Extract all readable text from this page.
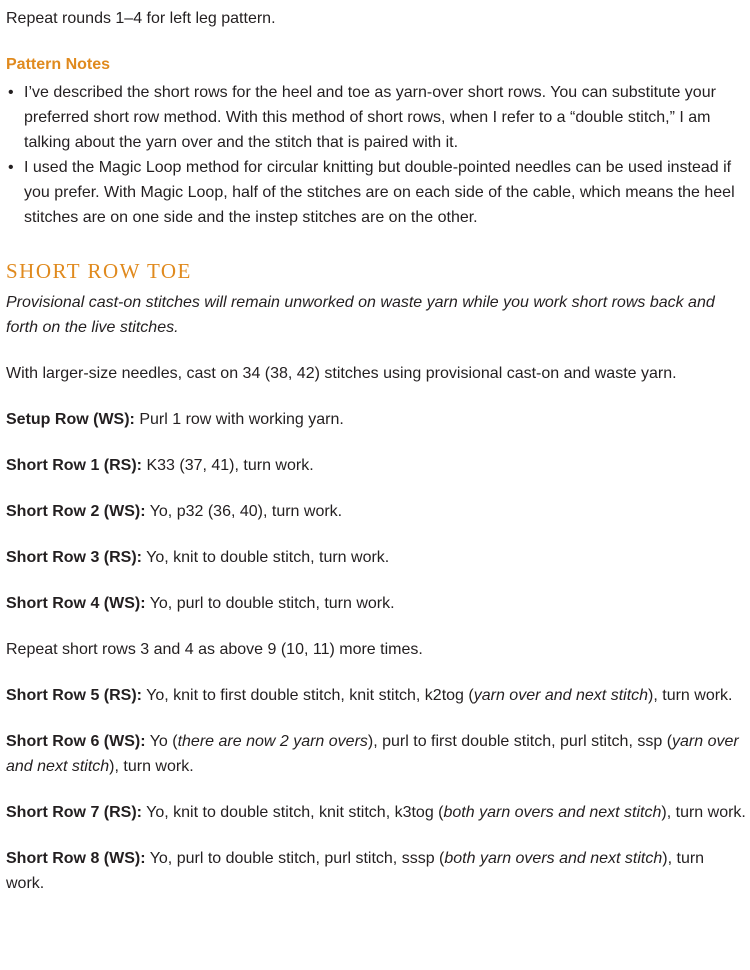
Repeat rounds 1–4 for left leg pattern.

Pattern Notes
• I’ve described the short rows for the heel and toe as yarn-over short rows. You can substitute your preferred short row method. With this method of short rows, when I refer to a “double stitch,” I am talking about the yarn over and the stitch that is paired with it.
• I used the Magic Loop method for circular knitting but double-pointed needles can be used instead if you prefer. With Magic Loop, half of the stitches are on each side of the cable, which means the heel stitches are on one side and the instep stitches are on the other.
SHORT ROW TOE

Provisional cast-on stitches will remain unworked on waste yarn while you work short rows back and forth on the live stitches.

With larger-size needles, cast on 34 (38, 42) stitches using provisional cast-on and waste yarn.

Setup Row (WS): Purl 1 row with working yarn.

Short Row 1 (RS): K33 (37, 41), turn work.

Short Row 2 (WS): Yo, p32 (36, 40), turn work.

Short Row 3 (RS): Yo, knit to double stitch, turn work.

Short Row 4 (WS): Yo, purl to double stitch, turn work.

Repeat short rows 3 and 4 as above 9 (10, 11) more times.

Short Row 5 (RS): Yo, knit to first double stitch, knit stitch, k2tog (yarn over and next stitch), turn work.

Short Row 6 (WS): Yo (there are now 2 yarn overs), purl to first double stitch, purl stitch, ssp (yarn over and next stitch), turn work.

Short Row 7 (RS): Yo, knit to double stitch, knit stitch, k3tog (both yarn overs and next stitch), turn work.

Short Row 8 (WS): Yo, purl to double stitch, purl stitch, sssp (both yarn overs and next stitch), turn work.
